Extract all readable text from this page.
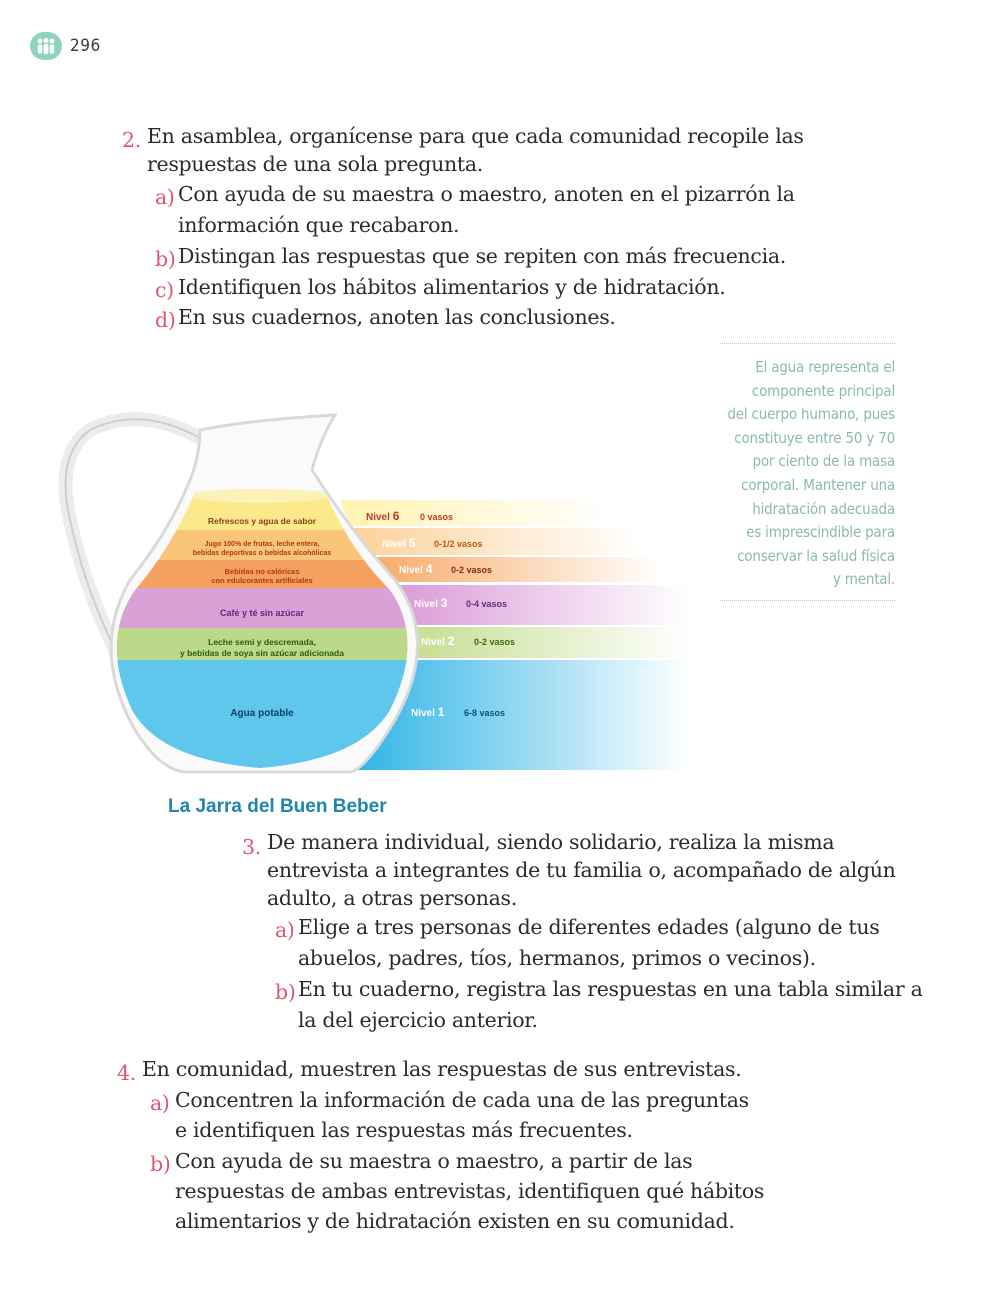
296
2. En asamblea, organícense para que cada comunidad recopile las
respuestas de una sola pregunta.
a) Con ayuda de su maestra o maestro, anoten en el pizarrón la
información que recabaron.
b) Distingan las respuestas que se repiten con más frecuencia.
c) Identifiquen los hábitos alimentarios y de hidratación.
d) En sus cuadernos, anoten las conclusiones.
El agua representa el
componente principal
del cuerpo humano, pues
constituye entre 50 y 70
por ciento de la masa
corporal. Mantener una
hidratación adecuada
es imprescindible para
conservar la salud física
y mental.
Refrescos y agua de sabor
Jugo 100% de frutas, leche entera,
bebidas deportivas o bebidas alcohólicas
Bebidas no calóricas
con edulcorantes artificiales
Café y té sin azúcar
Leche semi y descremada,
y bebidas de soya sin azúcar adicionada
Agua potable
Nivel 6 0 vasos
Nivel 5 0-1/2 vasos
Nivel 4 0-2 vasos
Nivel 3 0-4 vasos
Nivel 2 0-2 vasos
Nivel 1 6-8 vasos
La Jarra del Buen Beber
3. De manera individual, siendo solidario, realiza la misma
entrevista a integrantes de tu familia o, acompañado de algún
adulto, a otras personas.
a) Elige a tres personas de diferentes edades (alguno de tus
abuelos, padres, tíos, hermanos, primos o vecinos).
b) En tu cuaderno, registra las respuestas en una tabla similar a
la del ejercicio anterior.
4. En comunidad, muestren las respuestas de sus entrevistas.
a) Concentren la información de cada una de las preguntas
e identifiquen las respuestas más frecuentes.
b) Con ayuda de su maestra o maestro, a partir de las
respuestas de ambas entrevistas, identifiquen qué hábitos
alimentarios y de hidratación existen en su comunidad.
